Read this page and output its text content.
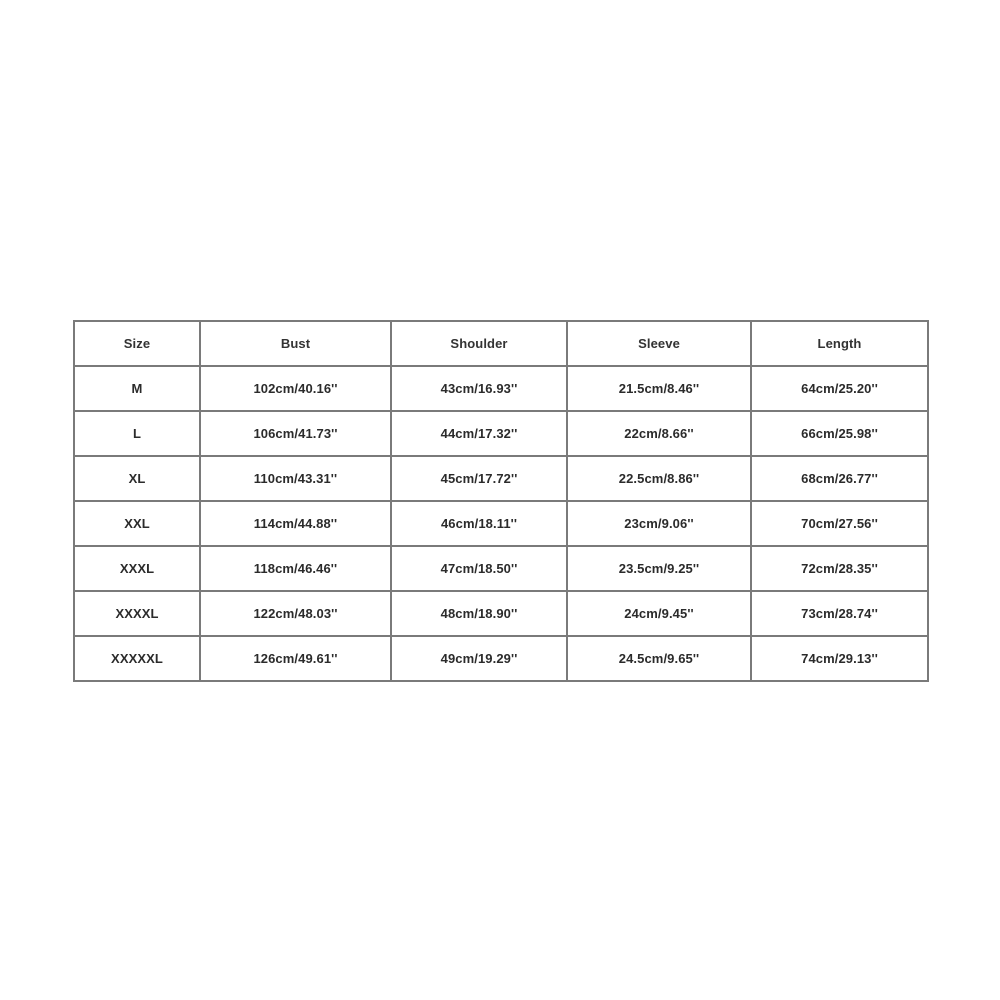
Size	Bust	Shoulder	Sleeve	Length
M	102cm/40.16''	43cm/16.93''	21.5cm/8.46''	64cm/25.20''
L	106cm/41.73''	44cm/17.32''	22cm/8.66''	66cm/25.98''
XL	110cm/43.31''	45cm/17.72''	22.5cm/8.86''	68cm/26.77''
XXL	114cm/44.88''	46cm/18.11''	23cm/9.06''	70cm/27.56''
XXXL	118cm/46.46''	47cm/18.50''	23.5cm/9.25''	72cm/28.35''
XXXXL	122cm/48.03''	48cm/18.90''	24cm/9.45''	73cm/28.74''
XXXXXL	126cm/49.61''	49cm/19.29''	24.5cm/9.65''	74cm/29.13''
